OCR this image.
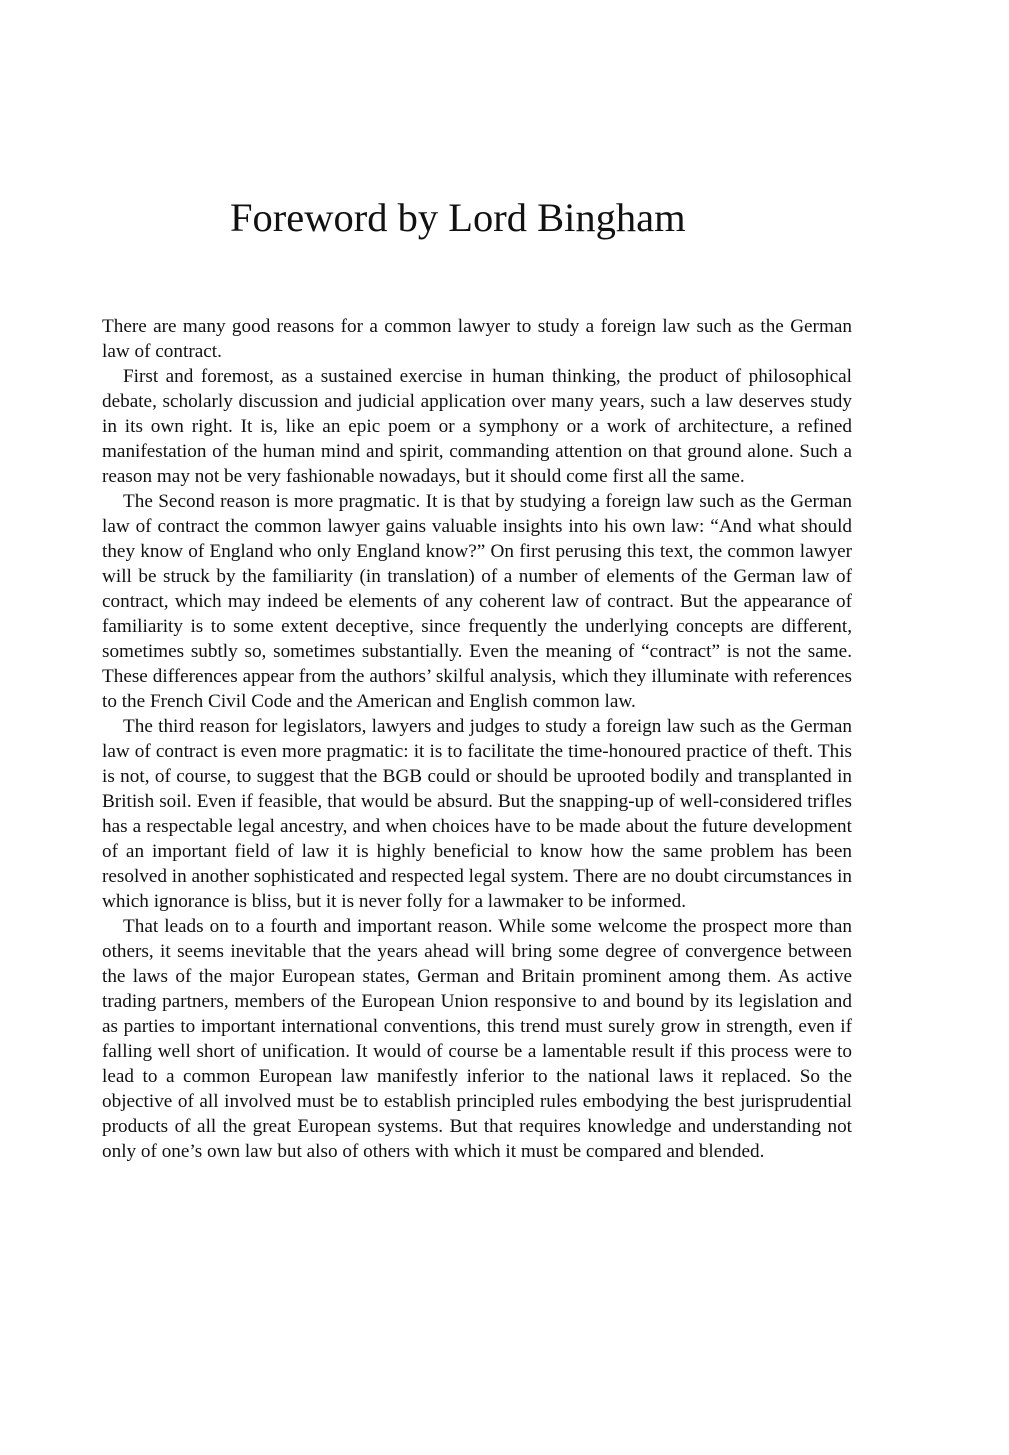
Foreword by Lord Bingham

There are many good reasons for a common lawyer to study a foreign law such as the German law of contract.

First and foremost, as a sustained exercise in human thinking, the product of philosophical debate, scholarly discussion and judicial application over many years, such a law deserves study in its own right. It is, like an epic poem or a symphony or a work of architecture, a refined manifestation of the human mind and spirit, commanding attention on that ground alone. Such a reason may not be very fashionable nowadays, but it should come first all the same.

The Second reason is more pragmatic. It is that by studying a foreign law such as the German law of contract the common lawyer gains valuable insights into his own law: “And what should they know of England who only England know?” On first perusing this text, the common lawyer will be struck by the familiarity (in translation) of a number of elements of the German law of contract, which may indeed be elements of any coherent law of contract. But the appearance of familiarity is to some extent deceptive, since frequently the underlying concepts are different, sometimes subtly so, sometimes substantially. Even the meaning of “contract” is not the same. These differences appear from the authors’ skilful analysis, which they illuminate with references to the French Civil Code and the American and English common law.

The third reason for legislators, lawyers and judges to study a foreign law such as the German law of contract is even more pragmatic: it is to facilitate the time-honoured practice of theft. This is not, of course, to suggest that the BGB could or should be uprooted bodily and transplanted in British soil. Even if feasible, that would be absurd. But the snapping-up of well-considered trifles has a respectable legal ancestry, and when choices have to be made about the future development of an important field of law it is highly beneficial to know how the same problem has been resolved in another sophisticated and respected legal system. There are no doubt circumstances in which ignorance is bliss, but it is never folly for a lawmaker to be informed.

That leads on to a fourth and important reason. While some welcome the prospect more than others, it seems inevitable that the years ahead will bring some degree of convergence between the laws of the major European states, German and Britain prominent among them. As active trading partners, members of the European Union responsive to and bound by its legislation and as parties to important international conventions, this trend must surely grow in strength, even if falling well short of unification. It would of course be a lamentable result if this process were to lead to a common European law manifestly inferior to the national laws it replaced. So the objective of all involved must be to establish principled rules embodying the best jurisprudential products of all the great European systems. But that requires knowledge and understanding not only of one’s own law but also of others with which it must be compared and blended.
